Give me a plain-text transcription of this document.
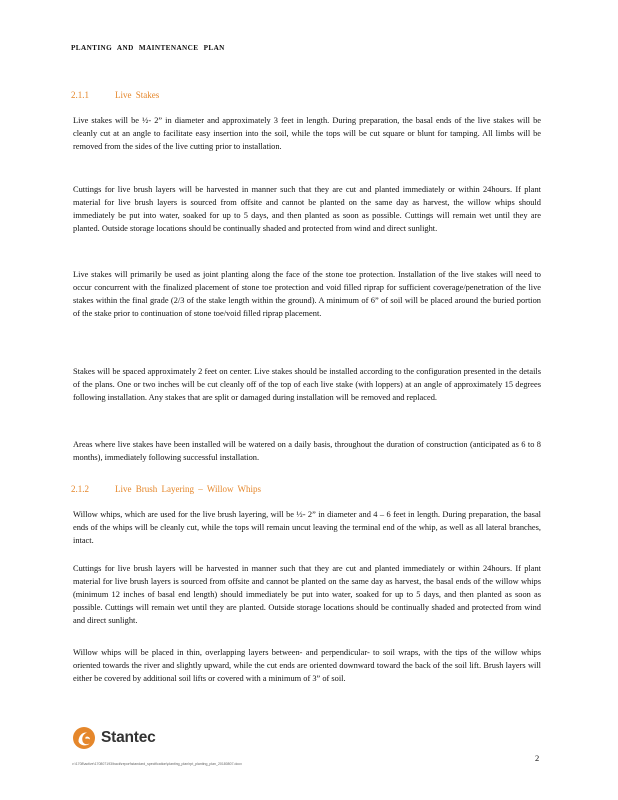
PLANTING AND MAINTENANCE PLAN
2.1.1	Live Stakes
Live stakes will be ½- 2” in diameter and approximately 3 feet in length. During preparation, the basal ends of the live stakes will be cleanly cut at an angle to facilitate easy insertion into the soil, while the tops will be cut square or blunt for tamping. All limbs will be removed from the sides of the live cutting prior to installation.
Cuttings for live brush layers will be harvested in manner such that they are cut and planted immediately or within 24hours. If plant material for live brush layers is sourced from offsite and cannot be planted on the same day as harvest, the willow whips should immediately be put into water, soaked for up to 5 days, and then planted as soon as possible. Cuttings will remain wet until they are planted. Outside storage locations should be continually shaded and protected from wind and direct sunlight.
Live stakes will primarily be used as joint planting along the face of the stone toe protection. Installation of the live stakes will need to occur concurrent with the finalized placement of stone toe protection and void filled riprap for sufficient coverage/penetration of the live stakes within the final grade (2/3 of the stake length within the ground). A minimum of 6” of soil will be placed around the buried portion of the stake prior to continuation of stone toe/void filled riprap placement.
Stakes will be spaced approximately 2 feet on center. Live stakes should be installed according to the configuration presented in the details of the plans. One or two inches will be cut cleanly off of the top of each live stake (with loppers) at an angle of approximately 15 degrees following installation. Any stakes that are split or damaged during installation will be removed and replaced.
Areas where live stakes have been installed will be watered on a daily basis, throughout the duration of construction (anticipated as 6 to 8 months), immediately following successful installation.
2.1.2	Live Brush Layering – Willow Whips
Willow whips, which are used for the live brush layering, will be ½- 2” in diameter and 4 – 6 feet in length. During preparation, the basal ends of the whips will be cleanly cut, while the tops will remain uncut leaving the terminal end of the whip, as well as all lateral branches, intact.
Cuttings for live brush layers will be harvested in manner such that they are cut and planted immediately or within 24hours. If plant material for live brush layers is sourced from offsite and cannot be planted on the same day as harvest, the basal ends of the willow whips (minimum 12 inches of basal end length) should immediately be put into water, soaked for up to 5 days, and then planted as soon as possible. Cuttings will remain wet until they are planted. Outside storage locations should be continually shaded and protected from wind and direct sunlight.
Willow whips will be placed in thin, overlapping layers between- and perpendicular- to soil wraps, with the tips of the willow whips oriented towards the river and slightly upward, while the cut ends are oriented downward toward the back of the soil lift. Brush layers will either be covered by additional soil lifts or covered with a minimum of 3” of soil.
Stantec
v:\1708\active\170807193\back\report\standard_specification\planting_plan\rpt_planting_plan_20180807.docx
2
